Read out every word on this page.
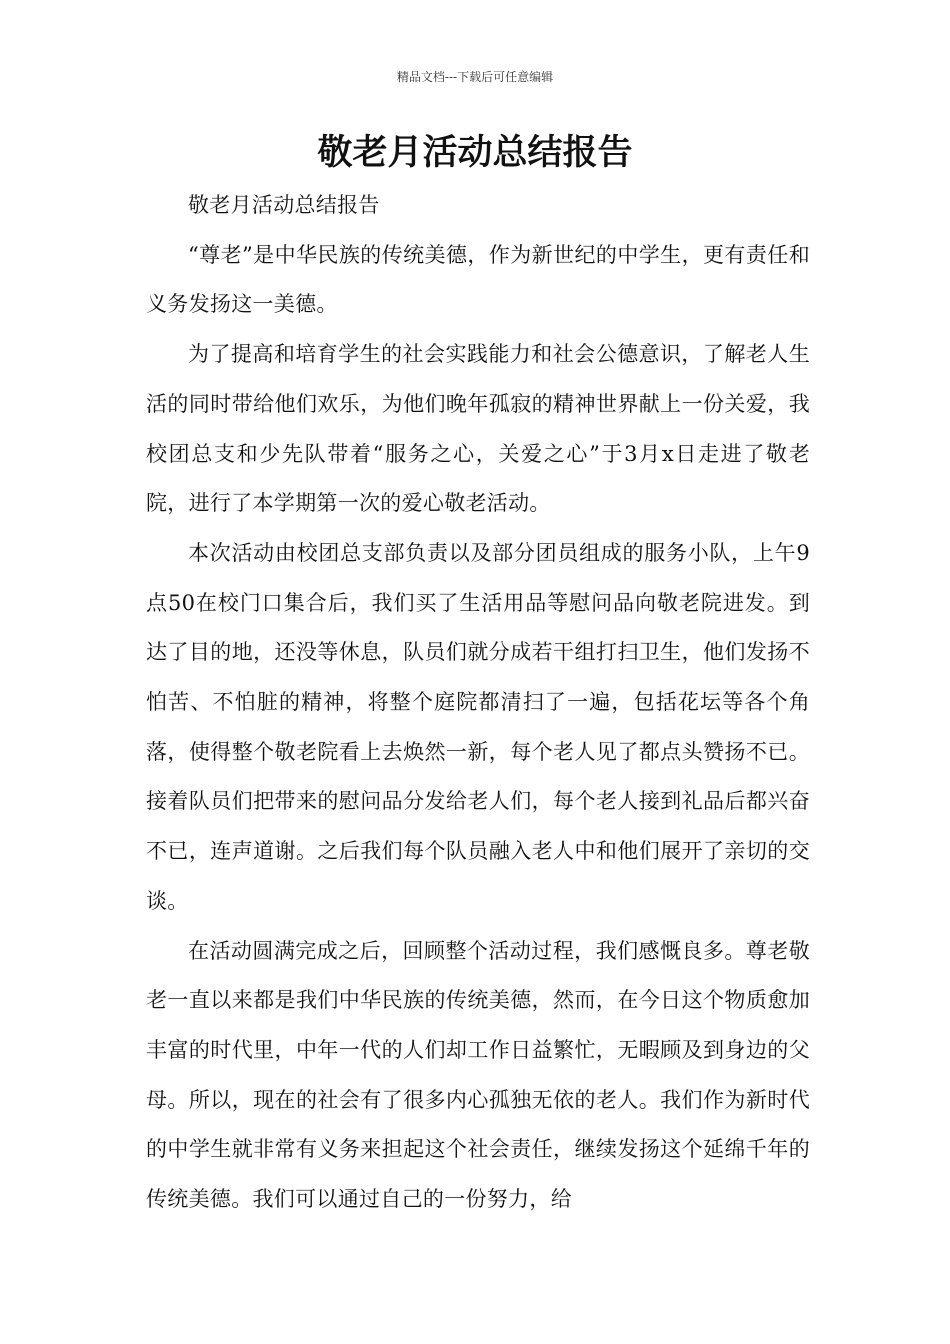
精品文档---下载后可任意编辑
敬老月活动总结报告

敬老月活动总结报告

“尊老”是中华民族的传统美德，作为新世纪的中学生，更有责任和义务发扬这一美德。

为了提高和培育学生的社会实践能力和社会公德意识，了解老人生活的同时带给他们欢乐，为他们晚年孤寂的精神世界献上一份关爱，我校团总支和少先队带着“服务之心，关爱之心”于3月x日走进了敬老院，进行了本学期第一次的爱心敬老活动。

本次活动由校团总支部负责以及部分团员组成的服务小队，上午9点50在校门口集合后，我们买了生活用品等慰问品向敬老院进发。到达了目的地，还没等休息，队员们就分成若干组打扫卫生，他们发扬不怕苦、不怕脏的精神，将整个庭院都清扫了一遍，包括花坛等各个角落，使得整个敬老院看上去焕然一新，每个老人见了都点头赞扬不已。接着队员们把带来的慰问品分发给老人们，每个老人接到礼品后都兴奋不已，连声道谢。之后我们每个队员融入老人中和他们展开了亲切的交谈。

在活动圆满完成之后，回顾整个活动过程，我们感慨良多。尊老敬老一直以来都是我们中华民族的传统美德，然而，在今日这个物质愈加丰富的时代里，中年一代的人们却工作日益繁忙，无暇顾及到身边的父母。所以，现在的社会有了很多内心孤独无依的老人。我们作为新时代的中学生就非常有义务来担起这个社会责任，继续发扬这个延绵千年的传统美德。我们可以通过自己的一份努力，给
